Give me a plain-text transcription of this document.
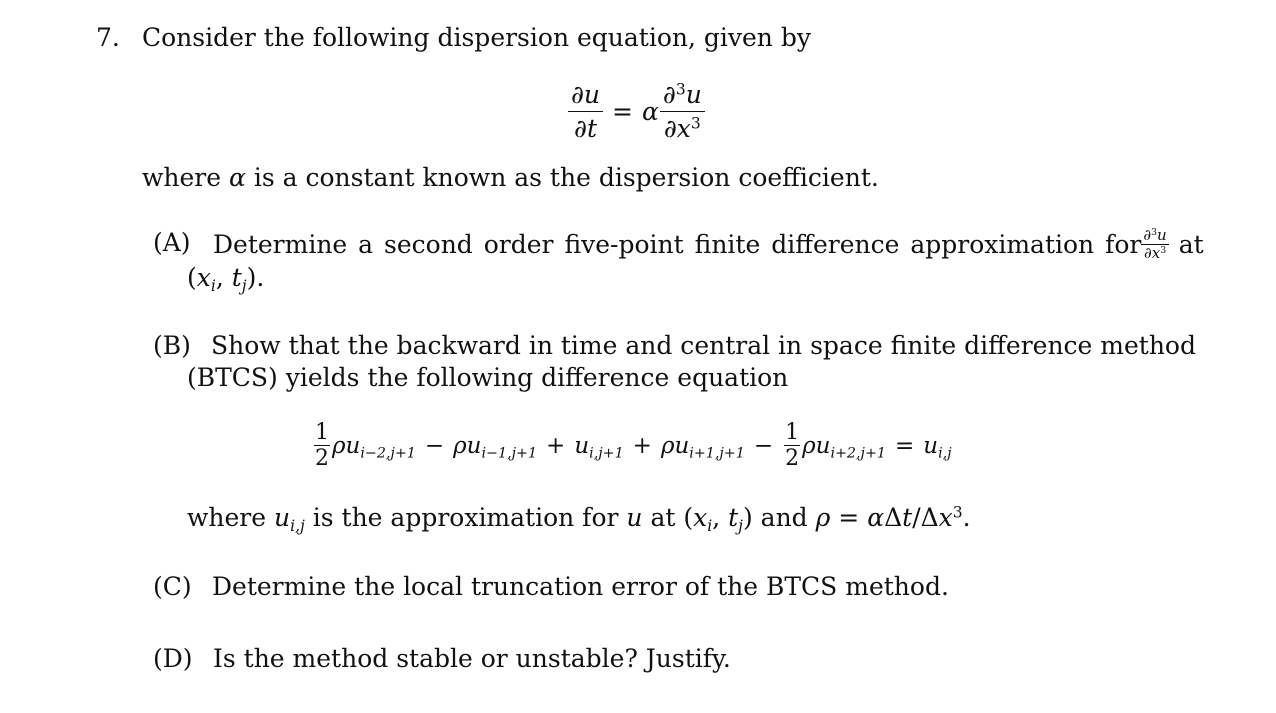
7. Consider the following dispersion equation, given by
$\frac{\partial u}{\partial t} = \alpha \frac{\partial^3u}{\partial x^3}$
where α is a constant known as the dispersion coefficient.
(A) Determine a second order five-point finite difference approximation for $\frac{\partial^3u}{\partial x^3}$ at
($x_i$, $t_j$).
(B) Show that the backward in time and central in space finite difference method
(BTCS) yields the following difference equation
$\frac{1}{2} \rho u_{i-2,j+1} - \rho u_{i-1,j+1} + u_{i,j+1} + \rho u_{i+1,j+1} - \frac{1}{2} \rho u_{i+2,j+1} = u_{i,j}$
where $u_{i,j}$ is the approximation for u at ($x_i$, $t_j$) and ρ = αΔt/$\Delta x^3$.
(C) Determine the local truncation error of the BTCS method.
(D) Is the method stable or unstable? Justify.
